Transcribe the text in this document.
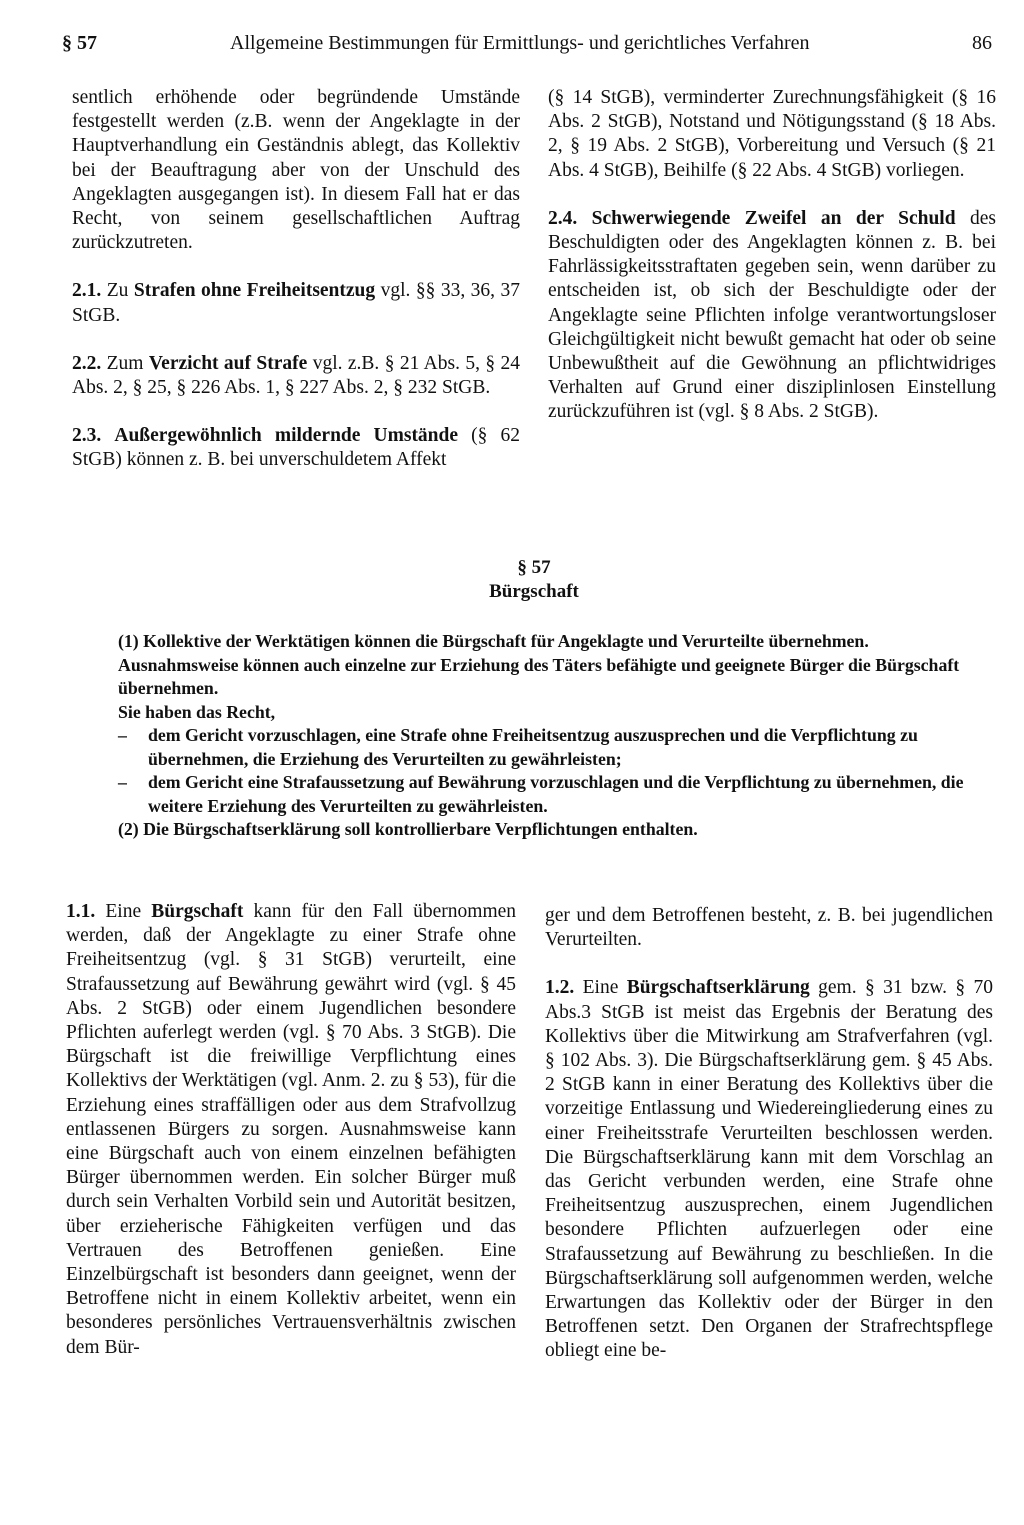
§ 57	Allgemeine Bestimmungen für Ermittlungs- und gerichtliches Verfahren	86

sentlich erhöhende oder begründende Umstände festgestellt werden (z.B. wenn der Angeklagte in der Hauptverhandlung ein Geständnis ablegt, das Kollektiv bei der Beauftragung aber von der Unschuld des Angeklagten ausgegangen ist). In diesem Fall hat er das Recht, von seinem gesellschaftlichen Auftrag zurückzutreten.

2.1. Zu Strafen ohne Freiheitsentzug vgl. §§ 33, 36, 37 StGB.

2.2. Zum Verzicht auf Strafe vgl. z.B. § 21 Abs. 5, § 24 Abs. 2, § 25, § 226 Abs. 1, § 227 Abs. 2, § 232 StGB.

2.3. Außergewöhnlich mildernde Umstände (§ 62 StGB) können z. B. bei unverschuldetem Affekt

(§ 14 StGB), verminderter Zurechnungsfähigkeit (§ 16 Abs. 2 StGB), Notstand und Nötigungsstand (§ 18 Abs. 2, § 19 Abs. 2 StGB), Vorbereitung und Versuch (§ 21 Abs. 4 StGB), Beihilfe (§ 22 Abs. 4 StGB) vorliegen.

2.4. Schwerwiegende Zweifel an der Schuld des Beschuldigten oder des Angeklagten können z. B. bei Fahrlässigkeitsstraftaten gegeben sein, wenn darüber zu entscheiden ist, ob sich der Beschuldigte oder der Angeklagte seine Pflichten infolge verantwortungsloser Gleichgültigkeit nicht bewußt gemacht hat oder ob seine Unbewußtheit auf die Gewöhnung an pflichtwidriges Verhalten auf Grund einer disziplinlosen Einstellung zurückzuführen ist (vgl. § 8 Abs. 2 StGB).

§ 57
Bürgschaft

(1) Kollektive der Werktätigen können die Bürgschaft für Angeklagte und Verurteilte übernehmen. Ausnahmsweise können auch einzelne zur Erziehung des Täters befähigte und geeignete Bürger die Bürgschaft übernehmen.

Sie haben das Recht,

– dem Gericht vorzuschlagen, eine Strafe ohne Freiheitsentzug auszusprechen und die Verpflichtung zu übernehmen, die Erziehung des Verurteilten zu gewährleisten;

– dem Gericht eine Strafaussetzung auf Bewährung vorzuschlagen und die Verpflichtung zu übernehmen, die weitere Erziehung des Verurteilten zu gewährleisten.

(2) Die Bürgschaftserklärung soll kontrollierbare Verpflichtungen enthalten.

1.1. Eine Bürgschaft kann für den Fall übernommen werden, daß der Angeklagte zu einer Strafe ohne Freiheitsentzug (vgl. § 31 StGB) verurteilt, eine Strafaussetzung auf Bewährung gewährt wird (vgl. § 45 Abs. 2 StGB) oder einem Jugendlichen besondere Pflichten auferlegt werden (vgl. § 70 Abs. 3 StGB). Die Bürgschaft ist die freiwillige Verpflichtung eines Kollektivs der Werktätigen (vgl. Anm. 2. zu § 53), für die Erziehung eines straffälligen oder aus dem Strafvollzug entlassenen Bürgers zu sorgen. Ausnahmsweise kann eine Bürgschaft auch von einem einzelnen befähigten Bürger übernommen werden. Ein solcher Bürger muß durch sein Verhalten Vorbild sein und Autorität besitzen, über erzieherische Fähigkeiten verfügen und das Vertrauen des Betroffenen genießen. Eine Einzelbürgschaft ist besonders dann geeignet, wenn der Betroffene nicht in einem Kollektiv arbeitet, wenn ein besonderes persönliches Vertrauensverhältnis zwischen dem Bür-

ger und dem Betroffenen besteht, z. B. bei jugendlichen Verurteilten.

1.2. Eine Bürgschaftserklärung gem. § 31 bzw. § 70 Abs.3 StGB ist meist das Ergebnis der Beratung des Kollektivs über die Mitwirkung am Strafverfahren (vgl. § 102 Abs. 3). Die Bürgschaftserklärung gem. § 45 Abs. 2 StGB kann in einer Beratung des Kollektivs über die vorzeitige Entlassung und Wiedereingliederung eines zu einer Freiheitsstrafe Verurteilten beschlossen werden. Die Bürgschaftserklärung kann mit dem Vorschlag an das Gericht verbunden werden, eine Strafe ohne Freiheitsentzug auszusprechen, einem Jugendlichen besondere Pflichten aufzuerlegen oder eine Strafaussetzung auf Bewährung zu beschließen. In die Bürgschaftserklärung soll aufgenommen werden, welche Erwartungen das Kollektiv oder der Bürger in den Betroffenen setzt. Den Organen der Strafrechtspflege obliegt eine be-
